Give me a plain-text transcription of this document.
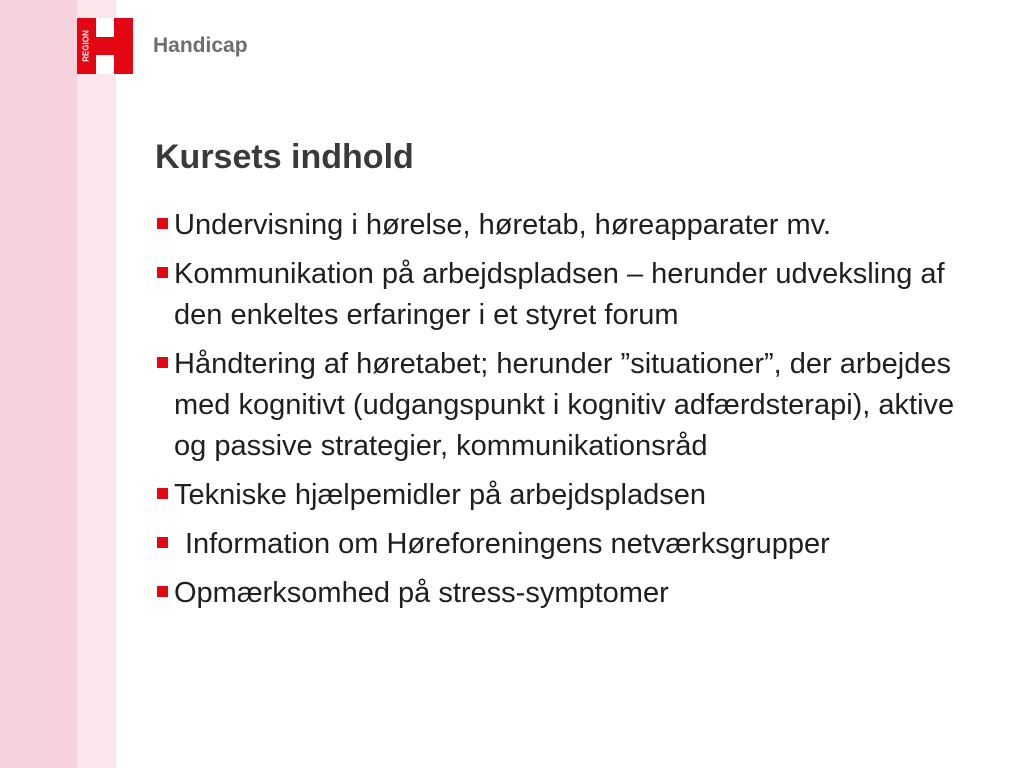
REGION	Handicap
Kursets indhold
Undervisning i hørelse, høretab, høreapparater mv.
Kommunikation på arbejdspladsen – herunder udveksling af den enkeltes erfaringer i et styret forum
Håndtering af høretabet; herunder ”situationer”, der arbejdes med kognitivt (udgangspunkt i kognitiv adfærdsterapi), aktive og passive strategier, kommunikationsråd
Tekniske hjælpemidler på arbejdspladsen
Information om Høreforeningens netværksgrupper
Opmærksomhed på stress-symptomer
